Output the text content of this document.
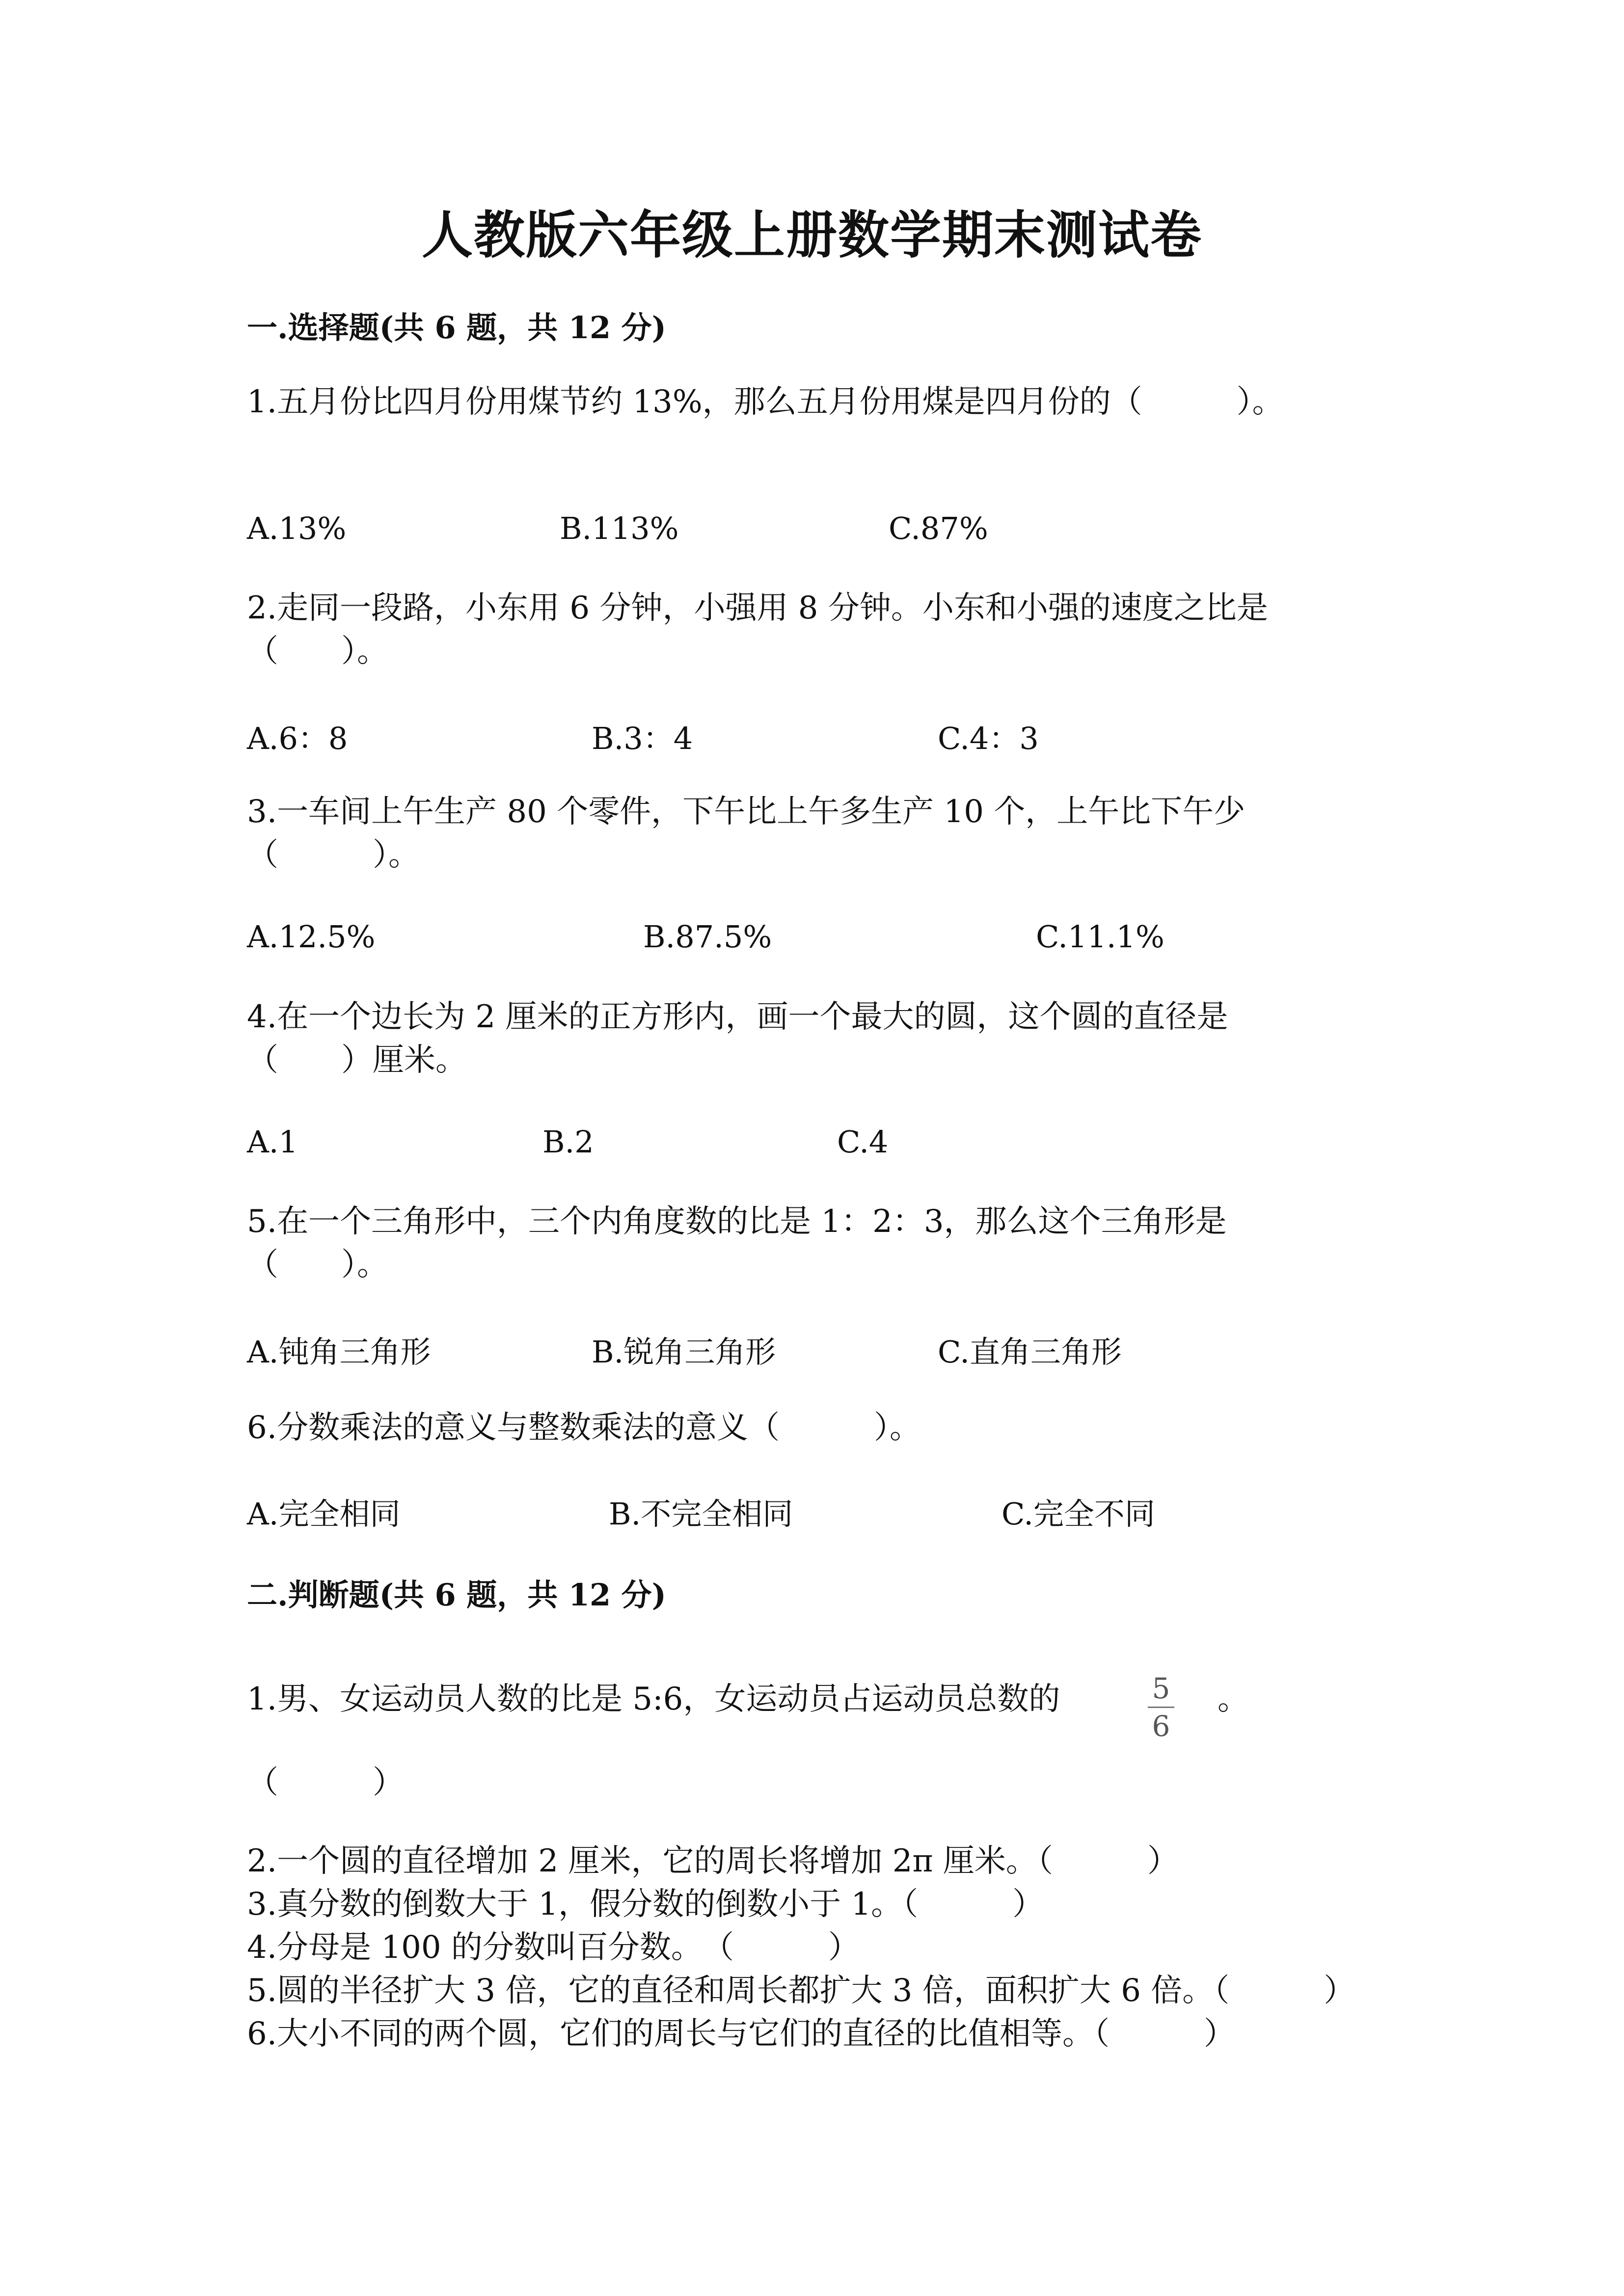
人教版六年级上册数学期末测试卷
一.选择题(共 6 题，共 12 分)
1.五月份比四月份用煤节约 13%，那么五月份用煤是四月份的（　　　）。
A.13%	B.113%	C.87%
2.走同一段路，小东用 6 分钟，小强用 8 分钟。小东和小强的速度之比是
（　　）。
A.6：8	B.3：4	C.4：3
3.一车间上午生产 80 个零件，下午比上午多生产 10 个，上午比下午少
（　　　）。
A.12.5%	B.87.5%	C.11.1%
4.在一个边长为 2 厘米的正方形内，画一个最大的圆，这个圆的直径是
（　　）厘米。
A.1	B.2	C.4
5.在一个三角形中，三个内角度数的比是 1：2：3，那么这个三角形是
（　　）。
A.钝角三角形	B.锐角三角形	C.直角三角形
6.分数乘法的意义与整数乘法的意义（　　　）。
A.完全相同	B.不完全相同	C.完全不同
二.判断题(共 6 题，共 12 分)
1.男、女运动员人数的比是 5:6，女运动员占运动员总数的	5
6
。
（　　　）
2.一个圆的直径增加 2 厘米，它的周长将增加 2π 厘米。（　　　）
3.真分数的倒数大于 1，假分数的倒数小于 1。（　　　）
4.分母是 100 的分数叫百分数。　（　　　）
5.圆的半径扩大 3 倍，它的直径和周长都扩大 3 倍，面积扩大 6 倍。（　　　）
6.大小不同的两个圆，它们的周长与它们的直径的比值相等。（　　　）
